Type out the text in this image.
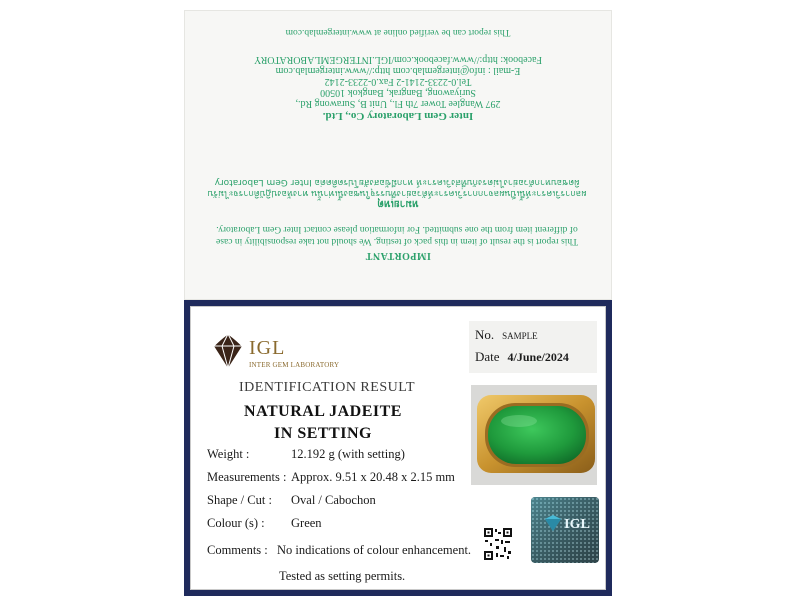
IMPORTANT
This report is the result of item in this pack of testing. We should not take responsibility in case of different item from the one submitted. For information please contact Inter Gem Laboratory.
หมายเหตุ
ผลการวิเคราะห์นี้เป็นผลจากการวิเคราะห์ตัวอย่างที่บรรจุในซองนี้เท่านั้น ทางห้องปฏิบัติการจะไม่รับผิดชอบหากตัวอย่างไม่ตรงกับที่ส่งวิเคราะห์ หากมีข้อสงสัยโปรดติดต่อ Inter Gem Laboratory
Inter Gem Laboratory Co., Ltd.
297 Wanglee Tower 7th Fl., Unit B, Surawong Rd.,
Suriyawong, Bangrak, Bangkok 10500
Tel.0-2233-2141-2 Fax.0-2233-2142
E-mail : info@intergemlab.com http://www.intergemlab.com
Facebook: http://www.facebook.com/IGL.INTERGEMLABORATORY
This report can be verified online at www.intergemlab.com
IGL
INTER GEM LABORATORY
No. SAMPLE
Date 4/June/2024
IDENTIFICATION RESULT
NATURAL JADEITE
IN SETTING
Weight :	12.192 g (with setting)
Measurements : Approx. 9.51 x 20.48 x 2.15 mm
Shape / Cut : Oval / Cabochon
Colour (s) : Green
Comments : No indications of colour enhancement.
Tested as setting permits.
IGL
